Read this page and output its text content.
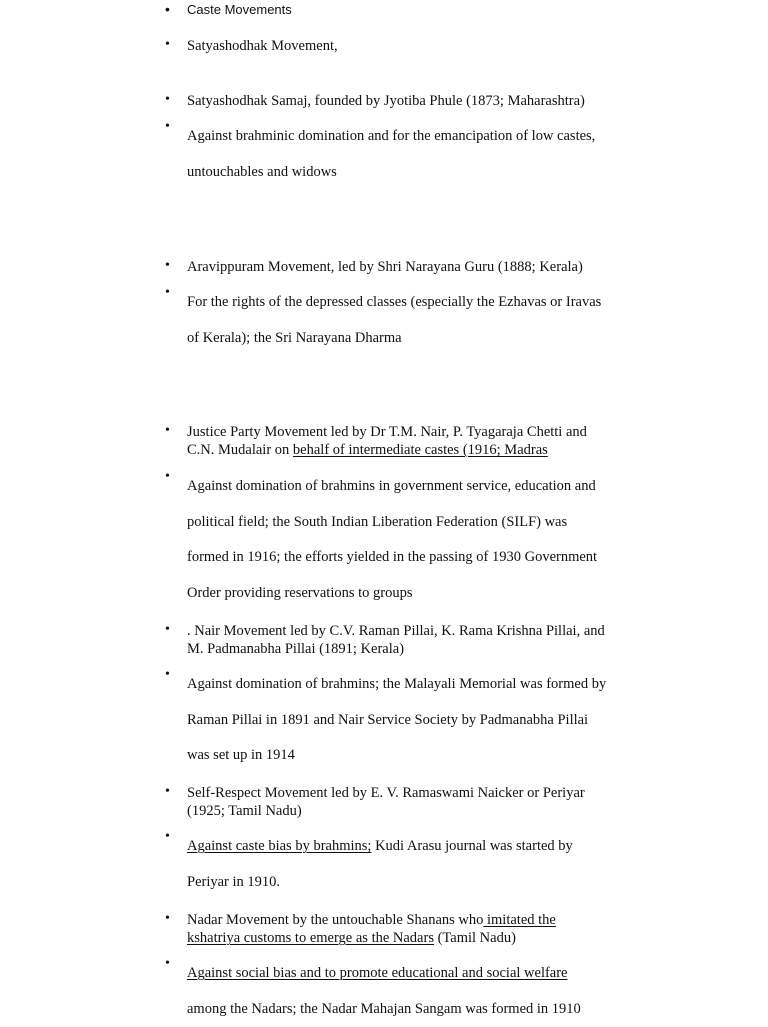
• Caste Movements
• Satyashodhak Movement,
• Satyashodhak Samaj, founded by Jyotiba Phule (1873; Maharashtra)
• Against brahminic domination and for the emancipation of low castes,
untouchables and widows
• Aravippuram Movement, led by Shri Narayana Guru (1888; Kerala)
• For the rights of the depressed classes (especially the Ezhavas or Iravas
of Kerala); the Sri Narayana Dharma
• Justice Party Movement led by Dr T.M. Nair, P. Tyagaraja Chetti and
C.N. Mudalair on behalf of intermediate castes (1916; Madras
• Against domination of brahmins in government service, education and
political field; the South Indian Liberation Federation (SILF) was
formed in 1916; the efforts yielded in the passing of 1930 Government
Order providing reservations to groups
• . Nair Movement led by C.V. Raman Pillai, K. Rama Krishna Pillai, and
M. Padmanabha Pillai (1891; Kerala)
• Against domination of brahmins; the Malayali Memorial was formed by
Raman Pillai in 1891 and Nair Service Society by Padmanabha Pillai
was set up in 1914
• Self-Respect Movement led by E. V. Ramaswami Naicker or Periyar
(1925; Tamil Nadu)
• Against caste bias by brahmins; Kudi Arasu journal was started by
Periyar in 1910.
• Nadar Movement by the untouchable Shanans who imitated the
kshatriya customs to emerge as the Nadars (Tamil Nadu)
• Against social bias and to promote educational and social welfare
among the Nadars; the Nadar Mahajan Sangam was formed in 1910
